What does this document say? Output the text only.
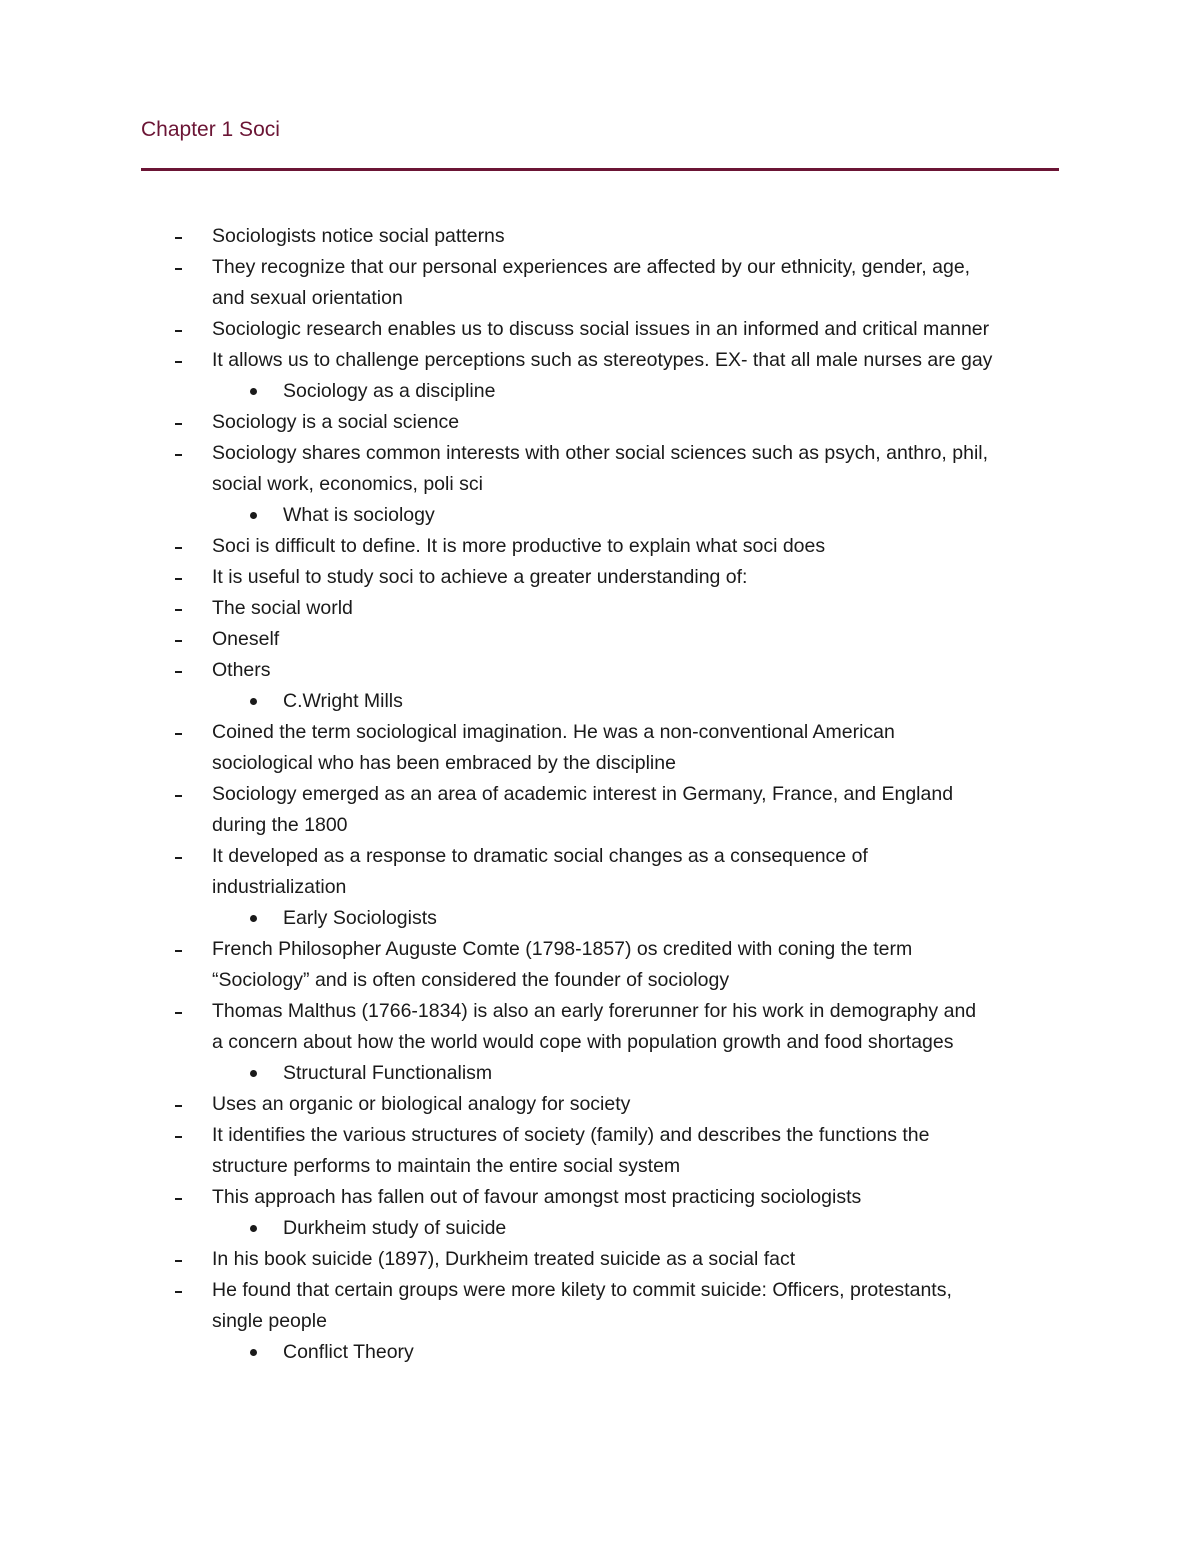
Chapter 1 Soci
Sociologists notice social patterns
They recognize that our personal experiences are affected by our ethnicity, gender, age,
and sexual orientation
Sociologic research enables us to discuss social issues in an informed and critical manner
It allows us to challenge perceptions such as stereotypes. EX- that all male nurses are gay
Sociology as a discipline
Sociology is a social science
Sociology shares common interests with other social sciences such as psych, anthro, phil,
social work, economics, poli sci
What is sociology
Soci is difficult to define. It is more productive to explain what soci does
It is useful to study soci to achieve a greater understanding of:
The social world
Oneself
Others
C.Wright Mills
Coined the term sociological imagination. He was a non-conventional American
sociological who has been embraced by the discipline
Sociology emerged as an area of academic interest in Germany, France, and England
during the 1800
It developed as a response to dramatic social changes as a consequence of
industrialization
Early Sociologists
French Philosopher Auguste Comte (1798-1857) os credited with coning the term
“Sociology” and is often considered the founder of sociology
Thomas Malthus (1766-1834) is also an early forerunner for his work in demography and
a concern about how the world would cope with population growth and food shortages
Structural Functionalism
Uses an organic or biological analogy for society
It identifies the various structures of society (family) and describes the functions the
structure performs to maintain the entire social system
This approach has fallen out of favour amongst most practicing sociologists
Durkheim study of suicide
In his book suicide (1897), Durkheim treated suicide as a social fact
He found that certain groups were more kilety to commit suicide: Officers, protestants,
single people
Conflict Theory
